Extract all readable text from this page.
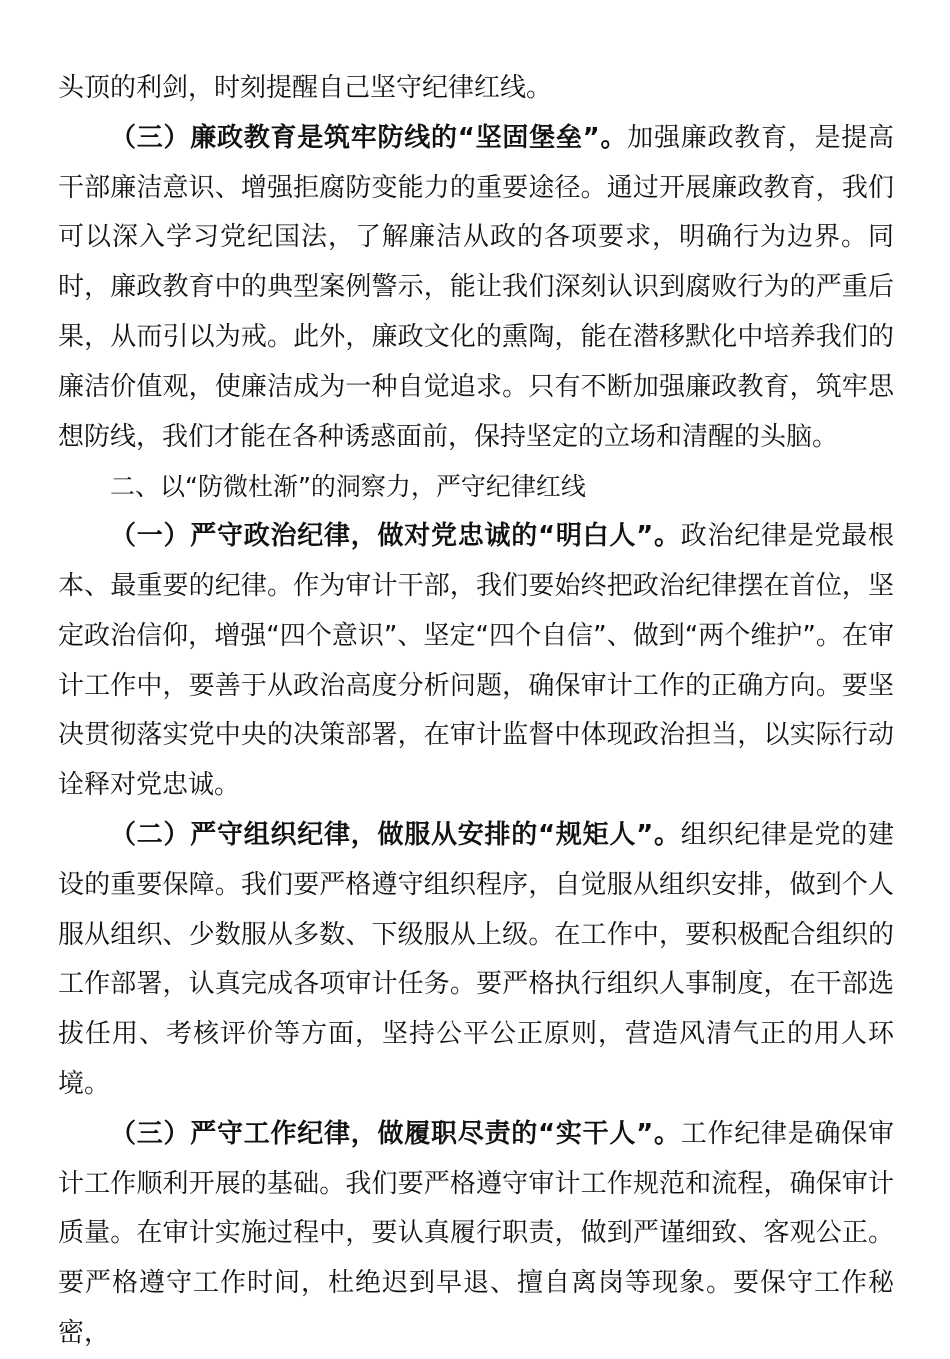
头顶的利剑，时刻提醒自己坚守纪律红线。

（三）廉政教育是筑牢防线的“坚固堡垒”。加强廉政教育，是提高干部廉洁意识、增强拒腐防变能力的重要途径。通过开展廉政教育，我们可以深入学习党纪国法，了解廉洁从政的各项要求，明确行为边界。同时，廉政教育中的典型案例警示，能让我们深刻认识到腐败行为的严重后果，从而引以为戒。此外，廉政文化的熏陶，能在潜移默化中培养我们的廉洁价值观，使廉洁成为一种自觉追求。只有不断加强廉政教育，筑牢思想防线，我们才能在各种诱惑面前，保持坚定的立场和清醒的头脑。

二、以“防微杜渐”的洞察力，严守纪律红线

（一）严守政治纪律，做对党忠诚的“明白人”。政治纪律是党最根本、最重要的纪律。作为审计干部，我们要始终把政治纪律摆在首位，坚定政治信仰，增强“四个意识”、坚定“四个自信”、做到“两个维护”。在审计工作中，要善于从政治高度分析问题，确保审计工作的正确方向。要坚决贯彻落实党中央的决策部署，在审计监督中体现政治担当，以实际行动诠释对党忠诚。

（二）严守组织纪律，做服从安排的“规矩人”。组织纪律是党的建设的重要保障。我们要严格遵守组织程序，自觉服从组织安排，做到个人服从组织、少数服从多数、下级服从上级。在工作中，要积极配合组织的工作部署，认真完成各项审计任务。要严格执行组织人事制度，在干部选拔任用、考核评价等方面，坚持公平公正原则，营造风清气正的用人环境。

（三）严守工作纪律，做履职尽责的“实干人”。工作纪律是确保审计工作顺利开展的基础。我们要严格遵守审计工作规范和流程，确保审计质量。在审计实施过程中，要认真履行职责，做到严谨细致、客观公正。要严格遵守工作时间，杜绝迟到早退、擅自离岗等现象。要保守工作秘密，
